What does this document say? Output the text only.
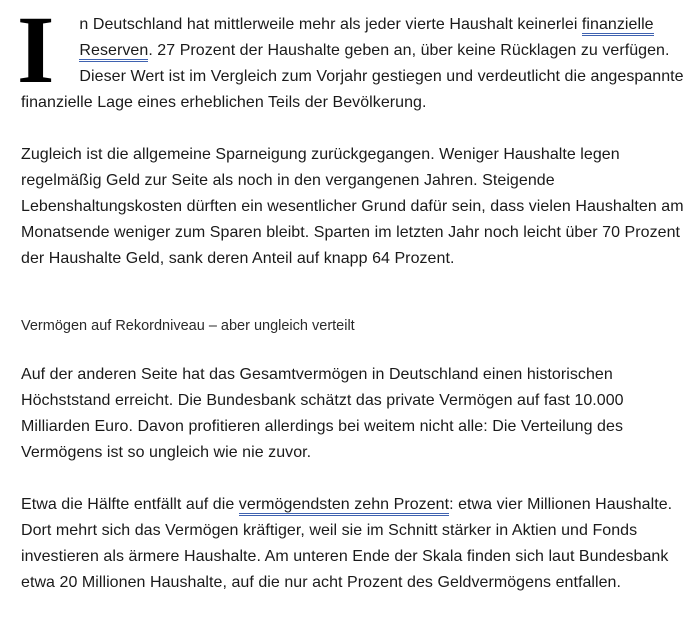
I n Deutschland hat mittlerweile mehr als jeder vierte Haushalt keinerlei finanzielle Reserven. 27 Prozent der Haushalte geben an, über keine Rücklagen zu verfügen. Dieser Wert ist im Vergleich zum Vorjahr gestiegen und verdeutlicht die angespannte finanzielle Lage eines erheblichen Teils der Bevölkerung.

Zugleich ist die allgemeine Sparneigung zurückgegangen. Weniger Haushalte legen regelmäßig Geld zur Seite als noch in den vergangenen Jahren. Steigende Lebenshaltungskosten dürften ein wesentlicher Grund dafür sein, dass vielen Haushalten am Monatsende weniger zum Sparen bleibt. Sparten im letzten Jahr noch leicht über 70 Prozent der Haushalte Geld, sank deren Anteil auf knapp 64 Prozent.

Vermögen auf Rekordniveau – aber ungleich verteilt

Auf der anderen Seite hat das Gesamtvermögen in Deutschland einen historischen Höchststand erreicht. Die Bundesbank schätzt das private Vermögen auf fast 10.000 Milliarden Euro. Davon profitieren allerdings bei weitem nicht alle: Die Verteilung des Vermögens ist so ungleich wie nie zuvor.

Etwa die Hälfte entfällt auf die vermögendsten zehn Prozent: etwa vier Millionen Haushalte. Dort mehrt sich das Vermögen kräftiger, weil sie im Schnitt stärker in Aktien und Fonds investieren als ärmere Haushalte. Am unteren Ende der Skala finden sich laut Bundesbank etwa 20 Millionen Haushalte, auf die nur acht Prozent des Geldvermögens entfallen.
